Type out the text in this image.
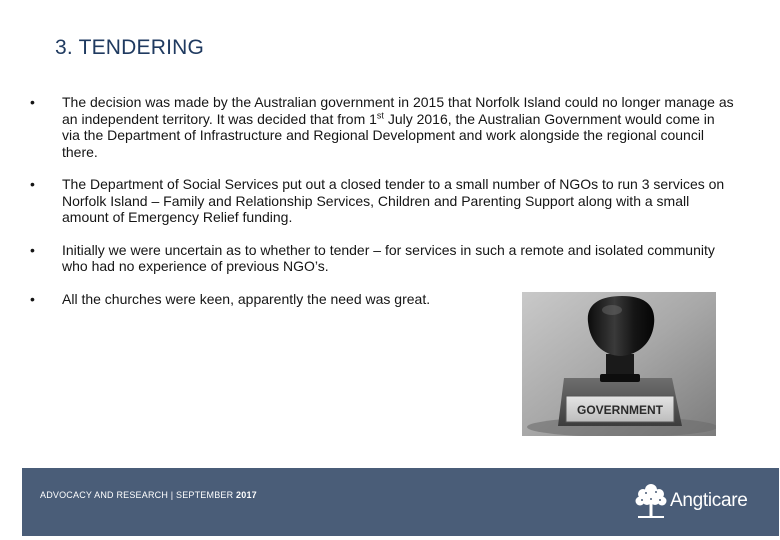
3. TENDERING
•	The decision was made by the Australian government in 2015 that Norfolk Island could no longer manage as an independent territory. It was decided that from 1st July 2016, the Australian Government would come in via the Department of Infrastructure and Regional Development and work alongside the regional council there.
•	The Department of Social Services put out a closed tender to a small number of NGOs to run 3 services on Norfolk Island – Family and Relationship Services, Children and Parenting Support along with a small amount of Emergency Relief funding.
•	Initially we were uncertain as to whether to tender – for services in such a remote and isolated community who had no experience of previous NGO’s.
•	All the churches were keen, apparently the need was great.
GOVERNMENT
ADVOCACY AND RESEARCH | SEPTEMBER 2017	Angticare
